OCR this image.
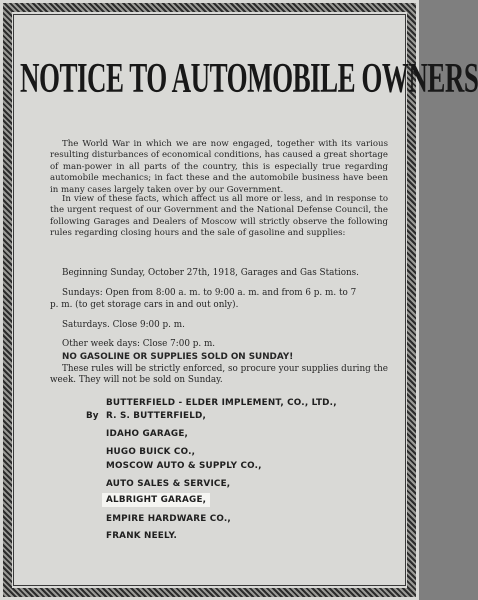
NOTICE TO AUTOMOBILE OWNERS
The World War in which we are now engaged, together with its various resulting disturbances of economical conditions, has caused a great shortage of man-power in all parts of the country, this is especially true regarding automobile mechanics; in fact these and the automobile business have been in many cases largely taken over by our Government.
In view of these facts, which affect us all more or less, and in response to the urgent request of our Government and the National Defense Council, the following Garages and Dealers of Moscow will strictly observe the following rules regarding closing hours and the sale of gasoline and supplies:
Beginning Sunday, October 27th, 1918, Garages and Gas Stations.
Sundays: Open from 8:00 a. m. to 9:00 a. m. and from 6 p. m. to 7
p. m. (to get storage cars in and out only).
Saturdays. Close 9:00 p. m.
Other week days: Close 7:00 p. m.
NO GASOLINE OR SUPPLIES SOLD ON SUNDAY!
These rules will be strictly enforced, so procure your supplies during the week. They will not be sold on Sunday.
BUTTERFIELD - ELDER IMPLEMENT, CO., LTD.,
By R. S. BUTTERFIELD,
IDAHO GARAGE,
HUGO BUICK CO.,
MOSCOW AUTO & SUPPLY CO.,
AUTO SALES & SERVICE,
ALBRIGHT GARAGE,
EMPIRE HARDWARE CO.,
FRANK NEELY.
